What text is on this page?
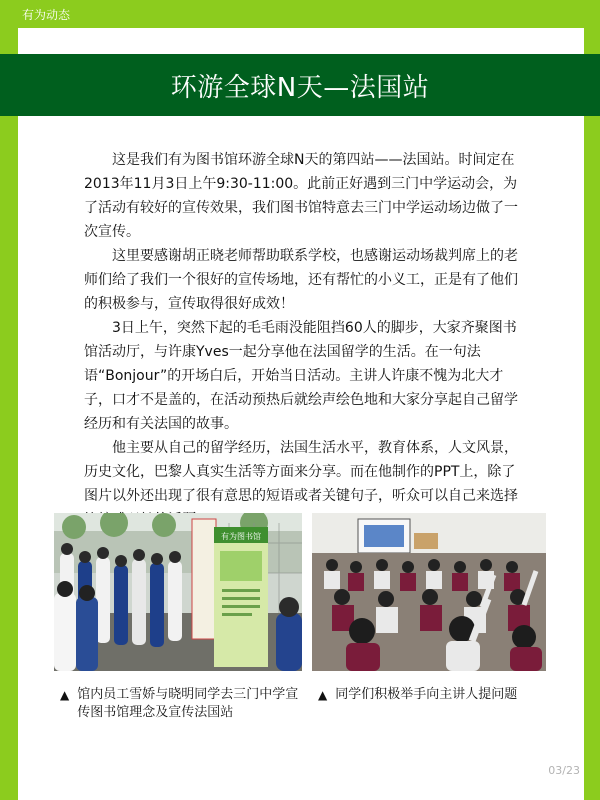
有为动态
环游全球N天—法国站

这是我们有为图书馆环游全球N天的第四站——法国站。时间定在2013年11月3日上午9:30-11:00。此前正好遇到三门中学运动会，为了活动有较好的宣传效果，我们图书馆特意去三门中学运动场边做了一次宣传。

这里要感谢胡正晓老师帮助联系学校，也感谢运动场裁判席上的老师们给了我们一个很好的宣传场地，还有帮忙的小义工，正是有了他们的积极参与，宣传取得很好成效！

3日上午，突然下起的毛毛雨没能阻挡60人的脚步，大家齐聚图书馆活动厅，与许康Yves一起分享他在法国留学的生活。在一句法语“Bonjour”的开场白后，开始当日活动。主讲人许康不愧为北大才子，口才不是盖的，在活动预热后就绘声绘色地和大家分享起自己留学经历和有关法国的故事。

他主要从自己的留学经历，法国生活水平，教育体系，人文风景，历史文化，巴黎人真实生活等方面来分享。而在他制作的PPT上，除了图片以外还出现了很有意思的短语或者关键句子，听众可以自己来选择

有为图书馆
▲ 馆内员工雪娇与晓明同学去三门中学宣传图书馆理念及宣传法国站
▲ 同学们积极举手向主讲人提问题
03/23
